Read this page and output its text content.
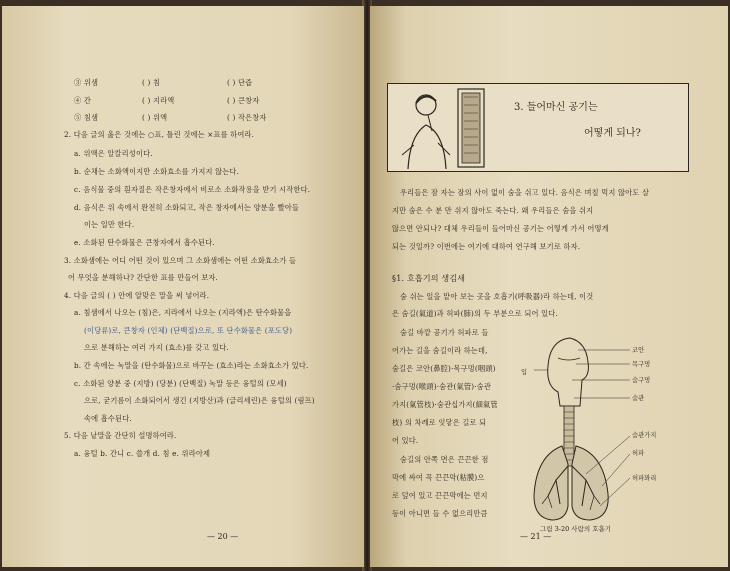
③ 위샘	( ) 침	( ) 단즙
④ 간	( ) 지라액	( ) 큰창자
⑤ 침샘	( ) 위액	( ) 작은창자
2. 다음 글의 옳은 것에는 ○표, 틀린 것에는 ×표를 하여라.
a. 위액은 알칼리성이다.
b. 순채는 소화액이지만 소화효소를 가지지 않는다.
c. 음식물 중의 흰자질은 작은창자에서 비로소 소화작용을 받기 시작한다.
d. 음식은 위 속에서 완전히 소화되고, 작은 창자에서는 양분을 빨아들
이는 일만 한다.
e. 소화된 탄수화물은 큰창자에서 흡수된다.
3. 소화샘에는 어디 어떤 것이 있으며 그 소화샘에는 어떤 소화효소가 들
어 무엇을 분해하나? 간단한 표를 만들어 보자.
4. 다음 글의 ( ) 안에 알맞은 말을 써 넣어라.
a. 침샘에서 나오는 (침)은, 지라에서 나오는 (지라액)은 탄수화물을
(이당류)로, 큰창자 (인체) (단백질)으로, 또 단수화물은 (포도당)
으로 분해하는 여러 가지 (효소)를 갖고 있다.
b. 간 속에는 녹말을 (탄수화물)으로 바꾸는 (효소)라는 소화효소가 있다.
c. 소화된 양분 중 (지방) (당분) (단백질) 녹말 등은 융털의 (모세)
으로, 굳기름이 소화되어서 생긴 (지방산)과 (글리세린)은 융털의 (림프)
속에 흡수된다.
5. 다음 낱말을 간단히 설명하여라.
a. 융털 b. 간니 c. 쓸개 d. 침 e. 위라아제
— 20 —
3. 들어마신 공기는
어떻게 되나?
우리들은 잠 자는 잠의 사이 없이 숨을 쉬고 있다. 음식은 며칠 먹지 않아도 살
지만 숨은 수 분 만 쉬지 않아도 죽는다. 왜 우리들은 숨을 쉬지
않으면 안되나? 대체 우리들이 들어마신 공기는 어떻게 가서 어떻게
되는 것일까? 이번에는 여기에 대하여 연구해 보기로 하자.
§1. 호흡기의 생김새
숨 쉬는 일을 맡아 보는 곳을 호흡기(呼吸器)라 하는데, 이것
은 숨길(氣道)과 허파(肺)의 두 부분으로 되어 있다.
숨길 바깥 공기가 허파로 들
어가는 길을 숨길이라 하는데,
숨길은 코안(鼻腔)·목구멍(咽頭)
·숨구멍(喉頭)·숨관(氣管)·숨관
가지(氣管枝)·숨관십가지(細氣管
枝) 의 차례로 잇닿은 길로 되
어 있다.
숨길의 안쪽 면은 끈끈한 점
막에 싸여 꼭 끈끈막(粘膜)으
로 덮여 있고 끈끈막에는 먼지
등이 아니면 들 수 없으리만큼
코안
목구멍
숨구멍
숨관
숨관가지
허파
허파꽈리
입
그림 3-20 사람의 호흡기
— 21 —
